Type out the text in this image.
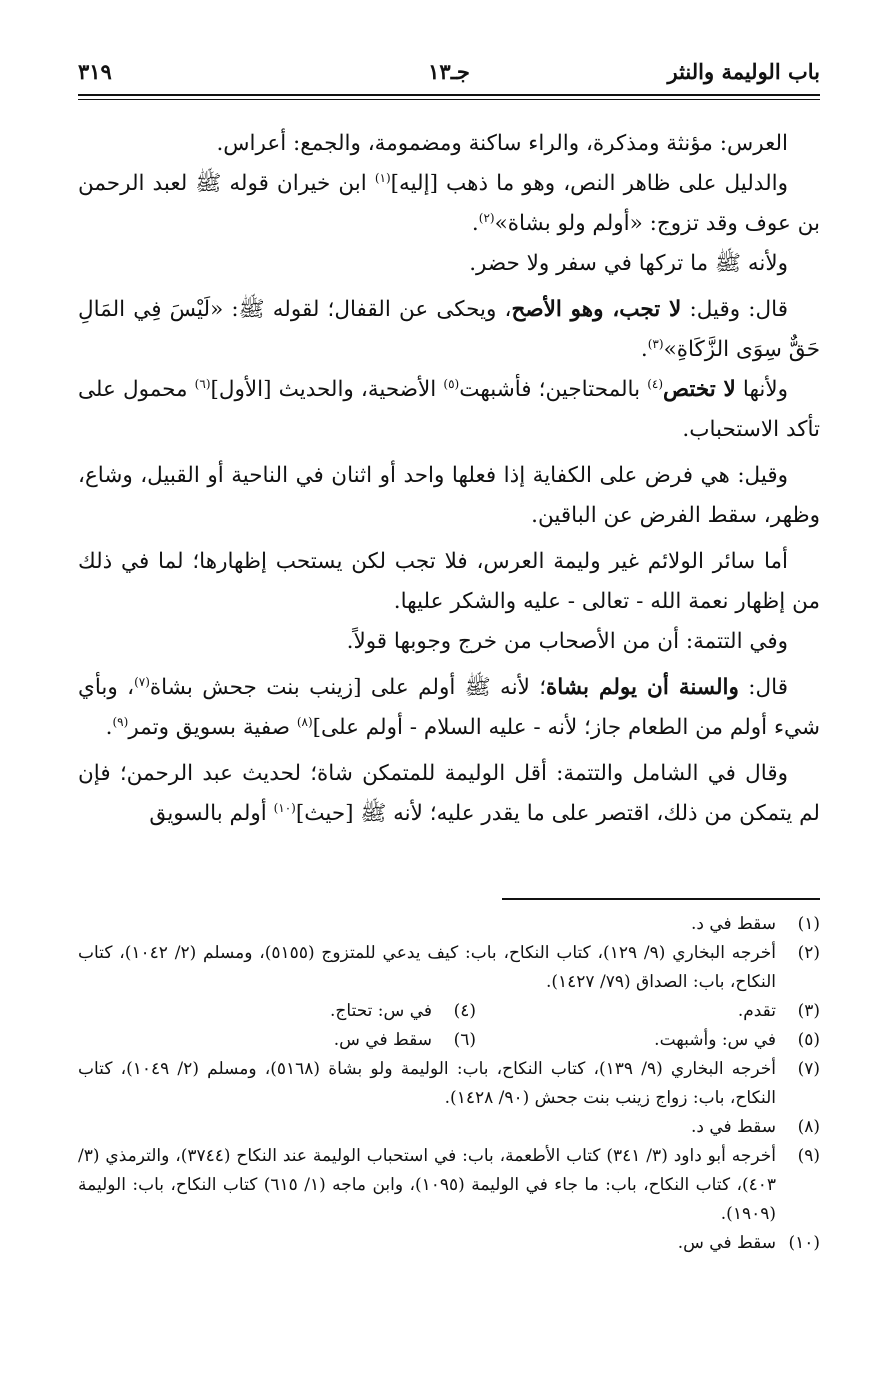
باب الوليمة والنثر
جـ١٣
٣١٩

العرس: مؤنثة ومذكرة، والراء ساكنة ومضمومة، والجمع: أعراس.

والدليل على ظاهر النص، وهو ما ذهب [إليه]$^{(١)}$ ابن خيران قوله ﷺ لعبد الرحمن بن عوف وقد تزوج: «أولم ولو بشاة»$^{(٢)}$.

ولأنه ﷺ ما تركها في سفر ولا حضر.

قال: وقيل: لا تجب، وهو الأصح، ويحكى عن القفال؛ لقوله ﷺ: «لَيْسَ فِي المَالِ حَقٌّ سِوَى الزَّكَاةِ»$^{(٣)}$.

ولأنها لا تختص$^{(٤)}$ بالمحتاجين؛ فأشبهت$^{(٥)}$ الأضحية، والحديث [الأول]$^{(٦)}$ محمول على تأكد الاستحباب.

وقيل: هي فرض على الكفاية إذا فعلها واحد أو اثنان في الناحية أو القبيل، وشاع، وظهر، سقط الفرض عن الباقين.

أما سائر الولائم غير وليمة العرس، فلا تجب لكن يستحب إظهارها؛ لما في ذلك من إظهار نعمة الله - تعالى - عليه والشكر عليها.

وفي التتمة: أن من الأصحاب من خرج وجوبها قولاً.

قال: والسنة أن يولم بشاة؛ لأنه ﷺ أولم على [زينب بنت جحش بشاة$^{(٧)}$، وبأي شيء أولم من الطعام جاز؛ لأنه - عليه السلام - أولم على]$^{(٨)}$ صفية بسويق وتمر$^{(٩)}$.

وقال في الشامل والتتمة: أقل الوليمة للمتمكن شاة؛ لحديث عبد الرحمن؛ فإن لم يتمكن من ذلك، اقتصر على ما يقدر عليه؛ لأنه ﷺ [حيث]$^{(١٠)}$ أولم بالسويق

(١)
سقط في د.
(٢)
أخرجه البخاري (٩/ ١٢٩)، كتاب النكاح، باب: كيف يدعي للمتزوج (٥١٥٥)، ومسلم (٢/ ١٠٤٢)، كتاب النكاح، باب: الصداق (٧٩/ ١٤٢٧).
(٣)
تقدم.
(٤)
في س: تحتاج.
(٥)
في س: وأشبهت.
(٦)
سقط في س.
(٧)
أخرجه البخاري (٩/ ١٣٩)، كتاب النكاح، باب: الوليمة ولو بشاة (٥١٦٨)، ومسلم (٢/ ١٠٤٩)، كتاب النكاح، باب: زواج زينب بنت جحش (٩٠/ ١٤٢٨).
(٨)
سقط في د.
(٩)
أخرجه أبو داود (٣/ ٣٤١) كتاب الأطعمة، باب: في استحباب الوليمة عند النكاح (٣٧٤٤)، والترمذي (٣/ ٤٠٣)، كتاب النكاح، باب: ما جاء في الوليمة (١٠٩٥)، وابن ماجه (١/ ٦١٥) كتاب النكاح، باب: الوليمة (١٩٠٩).
(١٠)
سقط في س.
